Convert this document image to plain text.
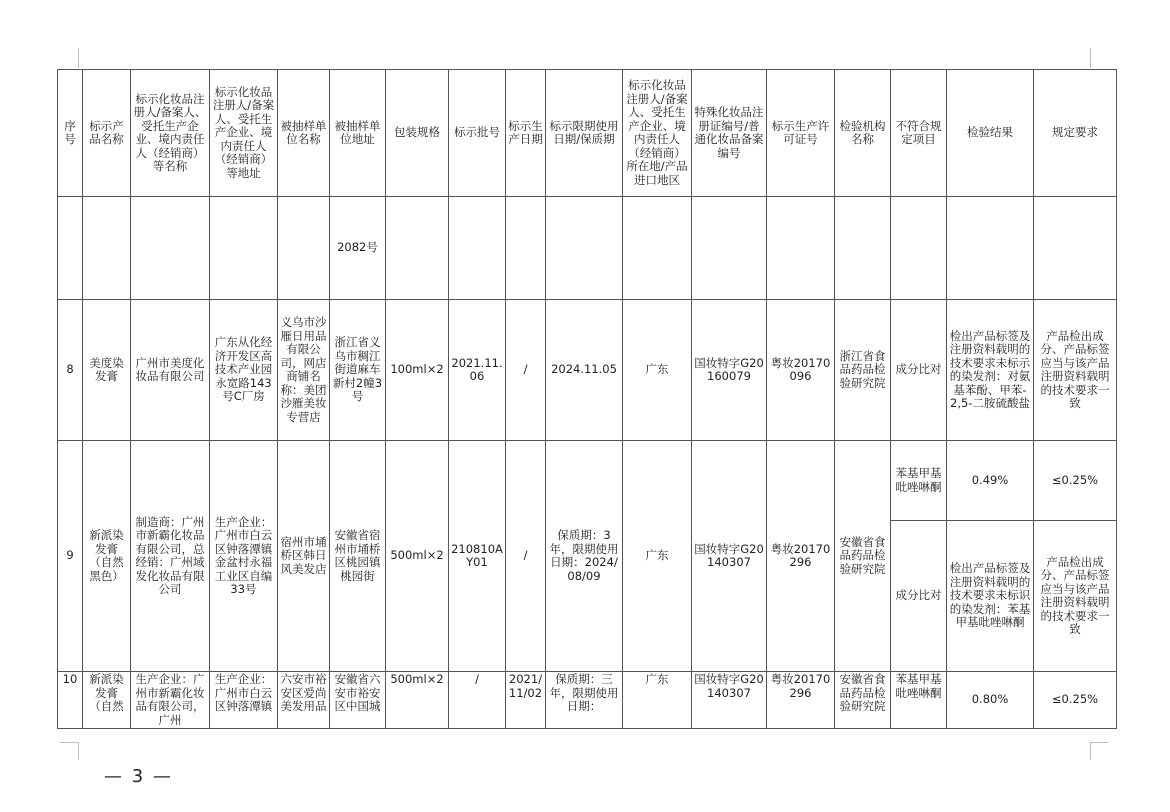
序号	标示产品名称	标示化妆品注册人/备案人、受托生产企业、境内责任人（经销商）等名称	标示化妆品注册人/备案人、受托生产企业、境内责任人（经销商）等地址	被抽样单位名称	被抽样单位地址	包装规格	标示批号	标示生产日期	标示限期使用日期/保质期	标示化妆品注册人/备案人、受托生产企业、境内责任人（经销商）所在地/产品进口地区	特殊化妆品注册证编号/普通化妆品备案编号	标示生产许可证号	检验机构名称	不符合规定项目	检验结果	规定要求
					2082号											
8	美度染发膏	广州市美度化妆品有限公司	广东从化经济开发区高技术产业园永宽路143号C厂房	义乌市沙雁日用品有限公司，网店商铺名称：美团沙雁美妆专营店	浙江省义乌市稠江街道麻车新村2幢3号	100ml×2	2021.11.06	/	2024.11.05	广东	国妆特字G20160079	粤妆20170096	浙江省食品药品检验研究院	成分比对	检出产品标签及注册资料载明的技术要求未标示的染发剂：对氨基苯酚、甲苯-2,5-二胺硫酸盐	产品检出成分、产品标签应当与该产品注册资料载明的技术要求一致
9	新派染发膏（自然黑色）	制造商：广州市新霸化妆品有限公司，总经销：广州域发化妆品有限公司	生产企业：广州市白云区钟落潭镇金盆村永福工业区自编33号	宿州市埇桥区韩日风美发店	安徽省宿州市埇桥区桃园镇桃园街	500ml×2	210810AY01	/	保质期：3年，限期使用日期：2024/08/09	广东	国妆特字G20140307	粤妆20170296	安徽省食品药品检验研究院	苯基甲基吡唑啉酮	0.49%	≤0.25%
														成分比对	检出产品标签及注册资料载明的技术要求未标识的染发剂：苯基甲基吡唑啉酮	产品检出成分、产品标签应当与该产品注册资料载明的技术要求一致
10	新派染发膏（自然	生产企业：广州市新霸化妆品有限公司，广州	生产企业：广州市白云区钟落潭镇	六安市裕安区爱尚美发用品	安徽省六安市裕安区中国城	500ml×2	/	2021/11/02	保质期：三年，限期使用日期：	广东	国妆特字G20140307	粤妆20170296	安徽省食品药品检验研究院	苯基甲基吡唑啉酮	0.80%	≤0.25%
— 3 —
